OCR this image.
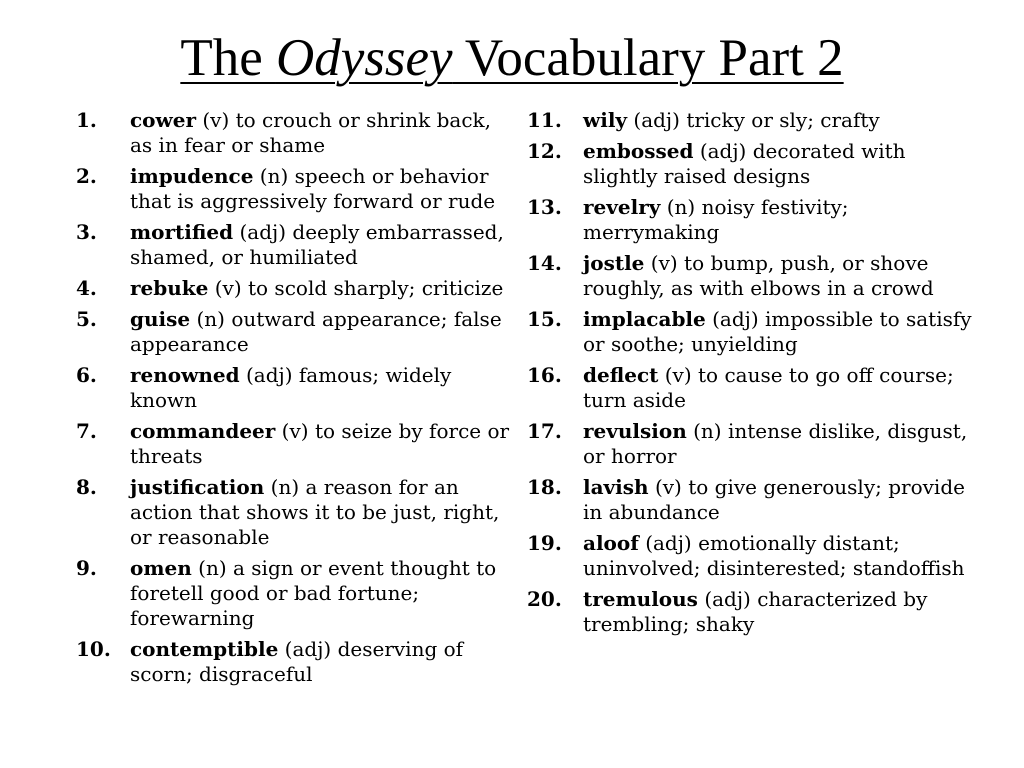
The Odyssey Vocabulary Part 2
1.	cower (v) to crouch or shrink back, as in fear or shame
2.	impudence (n) speech or behavior that is aggressively forward or rude
3.	mortified (adj) deeply embarrassed, shamed, or humiliated
4.	rebuke (v) to scold sharply; criticize
5.	guise (n) outward appearance; false appearance
6.	renowned (adj) famous; widely known
7.	commandeer (v) to seize by force or threats
8.	justification (n) a reason for an action that shows it to be just, right, or reasonable
9.	omen (n) a sign or event thought to foretell good or bad fortune; forewarning
10. contemptible (adj) deserving of scorn; disgraceful
11.	wily (adj) tricky or sly; crafty
12.	embossed (adj) decorated with slightly raised designs
13.	revelry (n) noisy festivity; merrymaking
14.	jostle (v) to bump, push, or shove roughly, as with elbows in a crowd
15.	implacable (adj) impossible to satisfy or soothe; unyielding
16.	deflect (v) to cause to go off course; turn aside
17.	revulsion (n) intense dislike, disgust, or horror
18.	lavish (v) to give generously; provide in abundance
19.	aloof (adj) emotionally distant; uninvolved; disinterested; standoffish
20.	tremulous (adj) characterized by trembling; shaky
